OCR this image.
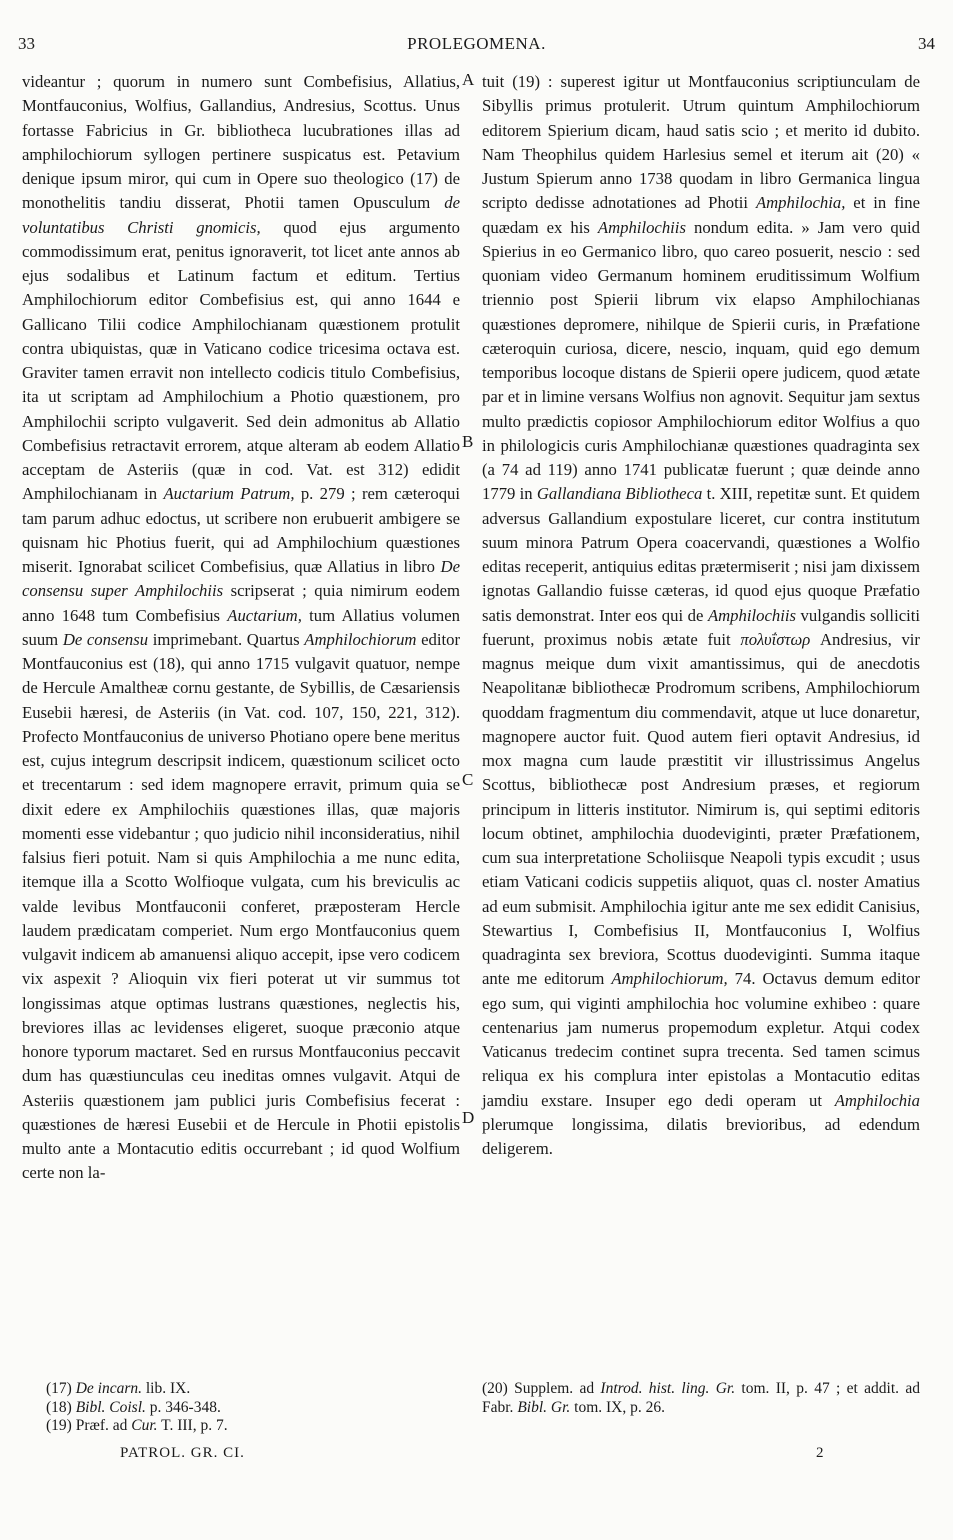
33	PROLEGOMENA.	34

videantur ; quorum in numero sunt Combefisius, Allatius, Montfauconius, Wolfius, Gallandius, Andresius, Scottus. Unus fortasse Fabricius in Gr. bibliotheca lucubrationes illas ad amphilochiorum syllogen pertinere suspicatus est. Petavium denique ipsum miror, qui cum in Opere suo theologico (17) de monothelitis tandiu disserat, Photii tamen Opusculum de voluntatibus Christi gnomicis, quod ejus argumento commodissimum erat, penitus ignoraverit, tot licet ante annos ab ejus sodalibus et Latinum factum et editum. Tertius Amphilochiorum editor Combefisius est, qui anno 1644 e Gallicano Tilii codice Amphilochianam quæstionem protulit contra ubiquistas, quæ in Vaticano codice tricesima octava est. Graviter tamen erravit non intellecto codicis titulo Combefisius, ita ut scriptam ad Amphilochium a Photio quæstionem, pro Amphilochii scripto vulgaverit. Sed dein admonitus ab Allatio Combefisius retractavit errorem, atque alteram ab eodem Allatio acceptam de Asteriis (quæ in cod. Vat. est 312) edidit Amphilochianam in Auctarium Patrum, p. 279 ; rem cæteroqui tam parum adhuc edoctus, ut scribere non erubuerit ambigere se quisnam hic Photius fuerit, qui ad Amphilochium quæstiones miserit. Ignorabat scilicet Combefisius, quæ Allatius in libro De consensu super Amphilochiis scripserat ; quia nimirum eodem anno 1648 tum Combefisius Auctarium, tum Allatius volumen suum De consensu imprimebant. Quartus Amphilochiorum editor Montfauconius est (18), qui anno 1715 vulgavit quatuor, nempe de Hercule Amaltheæ cornu gestante, de Sybillis, de Cæsariensis Eusebii hæresi, de Asteriis (in Vat. cod. 107, 150, 221, 312). Profecto Montfauconius de universo Photiano opere bene meritus est, cujus integrum descripsit indicem, quæstionum scilicet octo et trecentarum : sed idem magnopere erravit, primum quia se dixit edere ex Amphilochiis quæstiones illas, quæ majoris momenti esse videbantur ; quo judicio nihil inconsideratius, nihil falsius fieri potuit. Nam si quis Amphilochia a me nunc edita, itemque illa a Scotto Wolfioque vulgata, cum his breviculis ac valde levibus Montfauconii conferet, præposteram Hercle laudem prædicatam comperiet. Num ergo Montfauconius quem vulgavit indicem ab amanuensi aliquo accepit, ipse vero codicem vix aspexit ? Alioquin vix fieri poterat ut vir summus tot longissimas atque optimas lustrans quæstiones, neglectis his, breviores illas ac levidenses eligeret, suoque præconio atque honore typorum mactaret. Sed en rursus Montfauconius peccavit dum has quæstiunculas ceu ineditas omnes vulgavit. Atqui de Asteriis quæstionem jam publici juris Combefisius fecerat : quæstiones de hæresi Eusebii et de Hercule in Photii epistolis multo ante a Montacutio editis occurrebant ; id quod Wolfium certe non la-

A
B
C
D

tuit (19) : superest igitur ut Montfauconius scriptiunculam de Sibyllis primus protulerit. Utrum quintum Amphilochiorum editorem Spierium dicam, haud satis scio ; et merito id dubito. Nam Theophilus quidem Harlesius semel et iterum ait (20) « Justum Spierum anno 1738 quodam in libro Germanica lingua scripto dedisse adnotationes ad Photii Amphilochia, et in fine quædam ex his Amphilochiis nondum edita. » Jam vero quid Spierius in eo Germanico libro, quo careo posuerit, nescio : sed quoniam video Germanum hominem eruditissimum Wolfium triennio post Spierii librum vix elapso Amphilochianas quæstiones depromere, nihilque de Spierii curis, in Præfatione cæteroquin curiosa, dicere, nescio, inquam, quid ego demum temporibus locoque distans de Spierii opere judicem, quod ætate par et in limine versans Wolfius non agnovit. Sequitur jam sextus multo prædictis copiosor Amphilochiorum editor Wolfius a quo in philologicis curis Amphilochianæ quæstiones quadraginta sex (a 74 ad 119) anno 1741 publicatæ fuerunt ; quæ deinde anno 1779 in Gallandiana Bibliotheca t. XIII, repetitæ sunt. Et quidem adversus Gallandium expostulare liceret, cur contra institutum suum minora Patrum Opera coacervandi, quæstiones a Wolfio editas receperit, antiquius editas prætermiserit ; nisi jam dixissem ignotas Gallandio fuisse cæteras, id quod ejus quoque Præfatio satis demonstrat. Inter eos qui de Amphilochiis vulgandis solliciti fuerunt, proximus nobis ætate fuit πολυΐστωρ Andresius, vir magnus meique dum vixit amantissimus, qui de anecdotis Neapolitanæ bibliothecæ Prodromum scribens, Amphilochiorum quoddam fragmentum diu commendavit, atque ut luce donaretur, magnopere auctor fuit. Quod autem fieri optavit Andresius, id mox magna cum laude præstitit vir illustrissimus Angelus Scottus, bibliothecæ post Andresium præses, et regiorum principum in litteris institutor. Nimirum is, qui septimi editoris locum obtinet, amphilochia duodeviginti, præter Præfationem, cum sua interpretatione Scholiisque Neapoli typis excudit ; usus etiam Vaticani codicis suppetiis aliquot, quas cl. noster Amatius ad eum submisit. Amphilochia igitur ante me sex edidit Canisius, Stewartius I, Combefisius II, Montfauconius I, Wolfius quadraginta sex breviora, Scottus duodeviginti. Summa itaque ante me editorum Amphilochiorum, 74. Octavus demum editor ego sum, qui viginti amphilochia hoc volumine exhibeo : quare centenarius jam numerus propemodum expletur. Atqui codex Vaticanus tredecim continet supra trecenta. Sed tamen scimus reliqua ex his complura inter epistolas a Montacutio editas jamdiu exstare. Insuper ego dedi operam ut Amphilochia plerumque longissima, dilatis brevioribus, ad edendum deligerem.

(17) De incarn. lib. IX.
(18) Bibl. Coisl. p. 346-348.
(19) Præf. ad Cur. T. III, p. 7.

(20) Supplem. ad Introd. hist. ling. Gr. tom. II, p. 47 ; et addit. ad Fabr. Bibl. Gr. tom. IX, p. 26.

PATROL. GR. CI.	2
